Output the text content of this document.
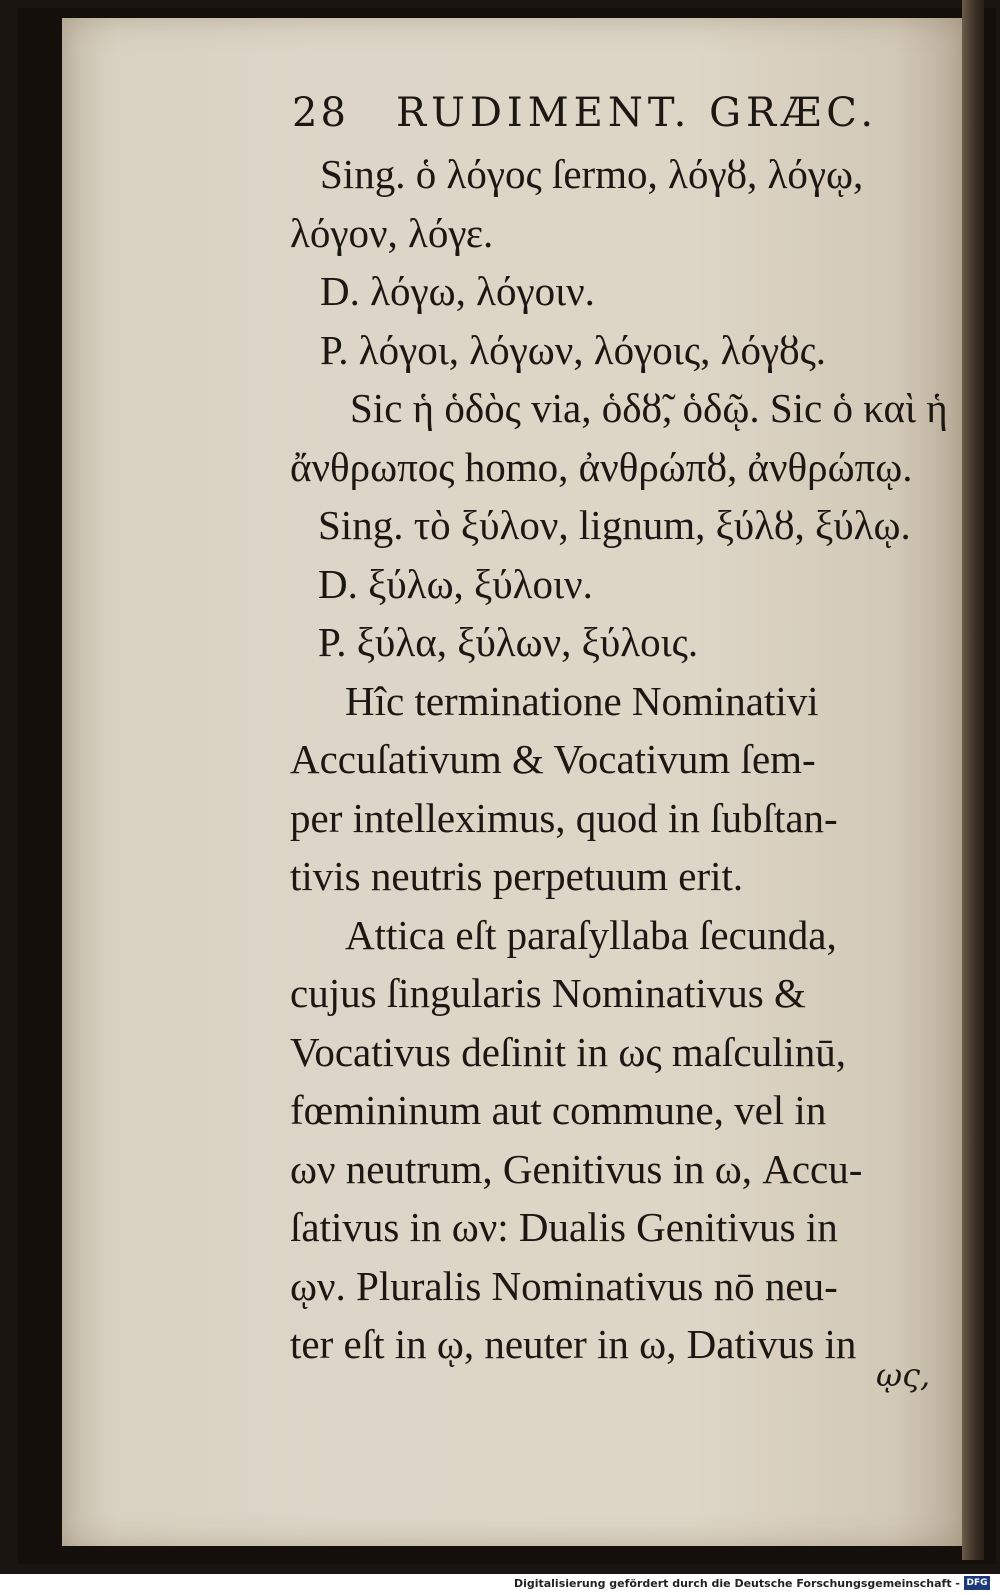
28 RUDIMENT. GRÆC.
Sing. ὁ λόγος ſermo, λόγȣ, λόγῳ,
λόγον, λόγε.
D. λόγω, λόγοιν.
P. λόγοι, λόγων, λόγοις, λόγȣς.
Sic ἡ ὁδὸς via, ὁδȣ̃, ὁδῷ. Sic ὁ καὶ ἡ
ἄνθρωπος homo, ἀνθρώπȣ, ἀνθρώπῳ.
Sing. τὸ ξύλον, lignum, ξύλȣ, ξύλῳ.
D. ξύλω, ξύλοιν.
P. ξύλα, ξύλων, ξύλοις.
Hîc terminatione Nominativi
Accuſativum & Vocativum ſem-
per intelleximus, quod in ſubſtan-
tivis neutris perpetuum erit.
Attica eſt paraſyllaba ſecunda,
cujus ſingularis Nominativus &
Vocativus deſinit in ως maſculinū,
fœmininum aut commune, vel in
ων neutrum, Genitivus in ω, Accu-
ſativus in ων: Dualis Genitivus in
ῳν. Pluralis Nominativus nō neu-
ter eſt in ῳ, neuter in ω, Dativus in
ῳς,
Digitalisierung gefördert durch die Deutsche Forschungsgemeinschaft - DFG
